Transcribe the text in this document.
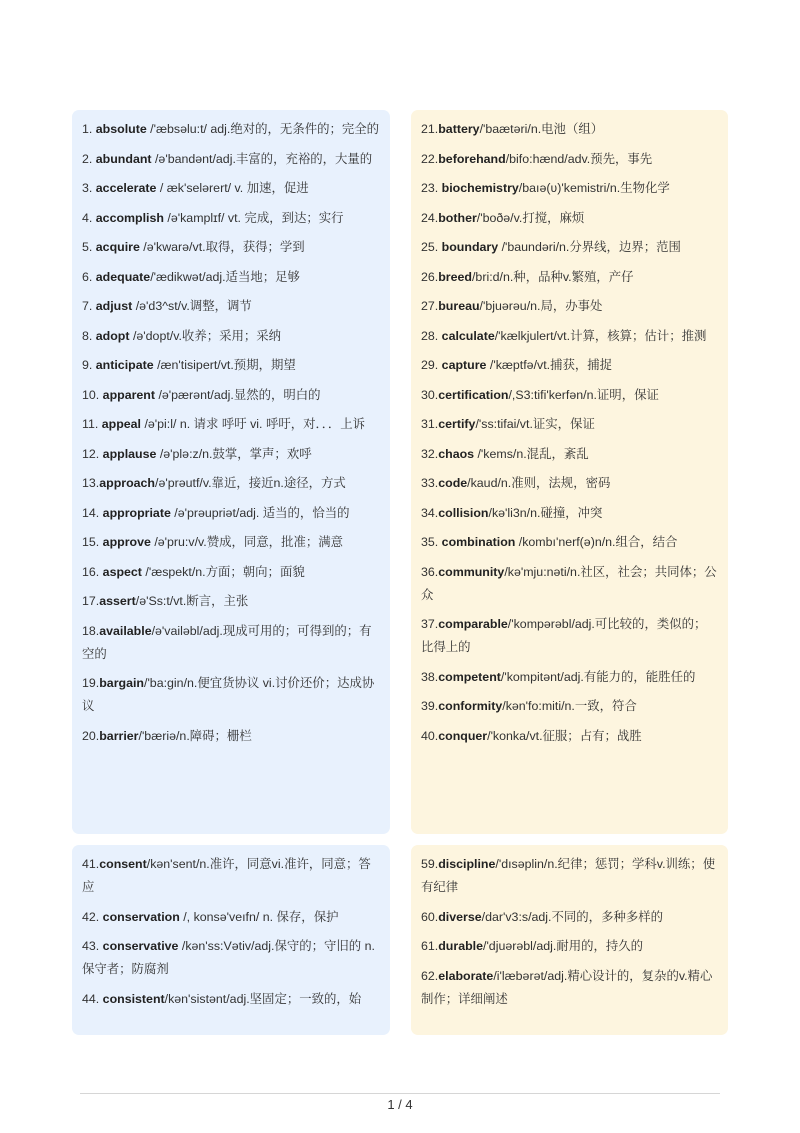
1. absolute /'æbsəlu:t/ adj.绝对的，无条件的；完全的
2. abundant /ə'bandənt/adj.丰富的，充裕的，大量的
3. accelerate / æk'selərert/ v. 加速，促进
4. accomplish /ə'kamplɪf/ vt. 完成，到达；实行
5. acquire /ə'kwarə/vt.取得，获得；学到
6. adequate/'ædikwət/adj.适当地；足够
7. adjust /ə'd3^st/v.调整，调节
8. adopt /ə'dopt/v.收养；采用；采纳
9. anticipate /æn'tisipert/vt.预期，期望
10. apparent /ə'pærənt/adj.显然的，明白的
11. appeal /ə'pi:l/ n. 请求 呼吁 vi. 呼吁，对．．．上诉
12. applause /ə'plə:z/n.鼓掌，掌声；欢呼
13.approach/ə'prəutf/v.靠近，接近n.途径，方式
14. appropriate /ə'prəupriət/adj. 适当的，恰当的
15. approve /ə'pru:v/v.赞成，同意，批准；满意
16. aspect /'æspekt/n.方面；朝向；面貌
17.assert/ə'Ss:t/vt.断言，主张
18.available/ə'vailəbl/adj.现成可用的；可得到的；有空的
19.bargain/'ba:gin/n.便宜货协议 vi.讨价还价；达成协议
20.barrier/'bæriə/n.障碍；栅栏
21.battery/'baætəri/n.电池（组）
22.beforehand/bifo:hænd/adv.预先，事先
23. biochemistry/baıə(ʋ)'kemistri/n.生物化学
24.bother/'boðə/v.打搅，麻烦
25. boundary /'baundəri/n.分界线，边界；范围
26.breed/bri:d/n.种，品种v.繁殖，产仔
27.bureau/'bjuərəu/n.局，办事处
28. calculate/'kælkjulert/vt.计算，核算；估计；推测
29. capture /'kæptfə/vt.捕获，捕捉
30.certification/,S3:tifi'kerfən/n.证明，保证
31.certify/'ss:tifai/vt.证实，保证
32.chaos /'kems/n.混乱，紊乱
33.code/kaud/n.准则，法规，密码
34.collision/kə'li3n/n.碰撞，冲突
35. combination /kombı'nerf(ə)n/n.组合，结合
36.community/kə'mju:nəti/n.社区，社会；共同体；公众
37.comparable/'kompərəbl/adj.可比较的，类似的；比得上的
38.competent/'kompitənt/adj.有能力的，能胜任的
39.conformity/kən'fo:miti/n.一致，符合
40.conquer/'konka/vt.征服；占有；战胜
41.consent/kən'sent/n.准许，同意vi.准许，同意；答应
42. conservation /, konsə'veıfn/ n. 保存，保护
43. conservative /kən'ss:Vətiv/adj.保守的；守旧的 n.保守者；防腐剂
44. consistent/kən'sistənt/adj.坚固定；一致的，始
59.discipline/'dısəplin/n.纪律；惩罚；学科v.训练；使有纪律
60.diverse/dar'v3:s/adj.不同的，多种多样的
61.durable/'djuərəbl/adj.耐用的，持久的
62.elaborate/i'læbərət/adj.精心设计的，复杂的v.精心制作；详细阐述
1 / 4
